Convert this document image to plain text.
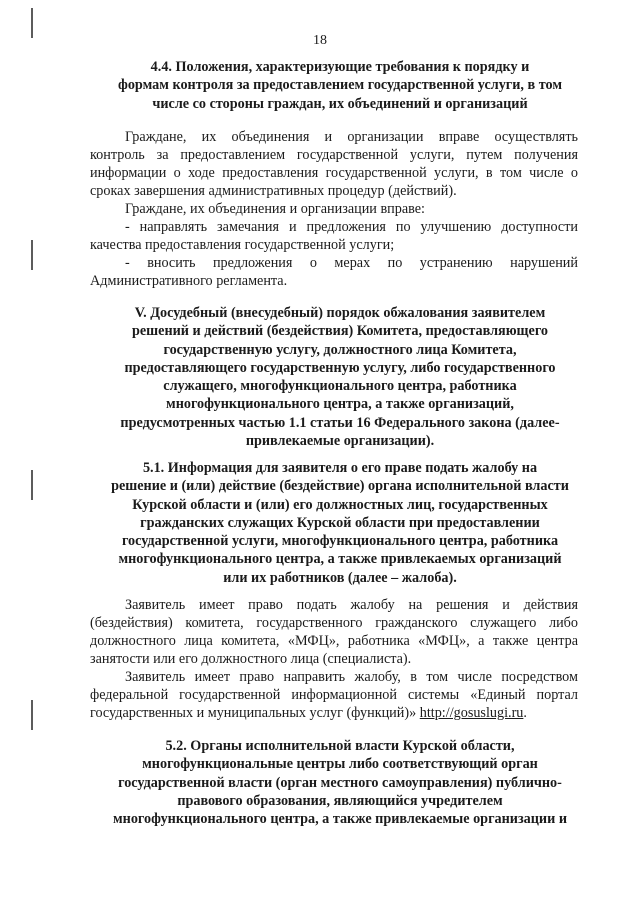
18
4.4. Положения, характеризующие требования к порядку и
формам контроля за предоставлением государственной услуги, в том
числе со стороны граждан, их объединений и организаций
Граждане, их объединения и организации вправе осуществлять
контроль за предоставлением государственной услуги, путем получения
информации о ходе предоставления государственной услуги, в том числе о
сроках завершения административных процедур (действий).
Граждане, их объединения и организации вправе:
- направлять замечания и предложения по улучшению доступности
качества предоставления государственной услуги;
- вносить предложения о мерах по устранению нарушений
Административного регламента.
V. Досудебный (внесудебный) порядок обжалования заявителем
решений и действий (бездействия) Комитета, предоставляющего
государственную услугу, должностного лица Комитета,
предоставляющего государственную услугу, либо государственного
служащего, многофункционального центра, работника
многофункционального центра, а также организаций,
предусмотренных частью 1.1 статьи 16 Федерального закона (далее-
привлекаемые организации).
5.1. Информация для заявителя о его праве подать жалобу на
решение и (или) действие (бездействие) органа исполнительной власти
Курской области и (или) его должностных лиц, государственных
гражданских служащих Курской области при предоставлении
государственной услуги, многофункционального центра, работника
многофункционального центра, а также привлекаемых организаций
или их работников (далее – жалоба).
Заявитель имеет право подать жалобу на решения и действия
(бездействия) комитета, государственного гражданского служащего либо
должностного лица комитета, «МФЦ», работника «МФЦ», а также центра
занятости или его должностного лица (специалиста).
Заявитель имеет право направить жалобу, в том числе посредством
федеральной государственной информационной системы «Единый портал
государственных и муниципальных услуг (функций)» http://gosuslugi.ru.
5.2. Органы исполнительной власти Курской области,
многофункциональные центры либо соответствующий орган
государственной власти (орган местного самоуправления) публично-
правового образования, являющийся учредителем
многофункционального центра, а также привлекаемые организации и
